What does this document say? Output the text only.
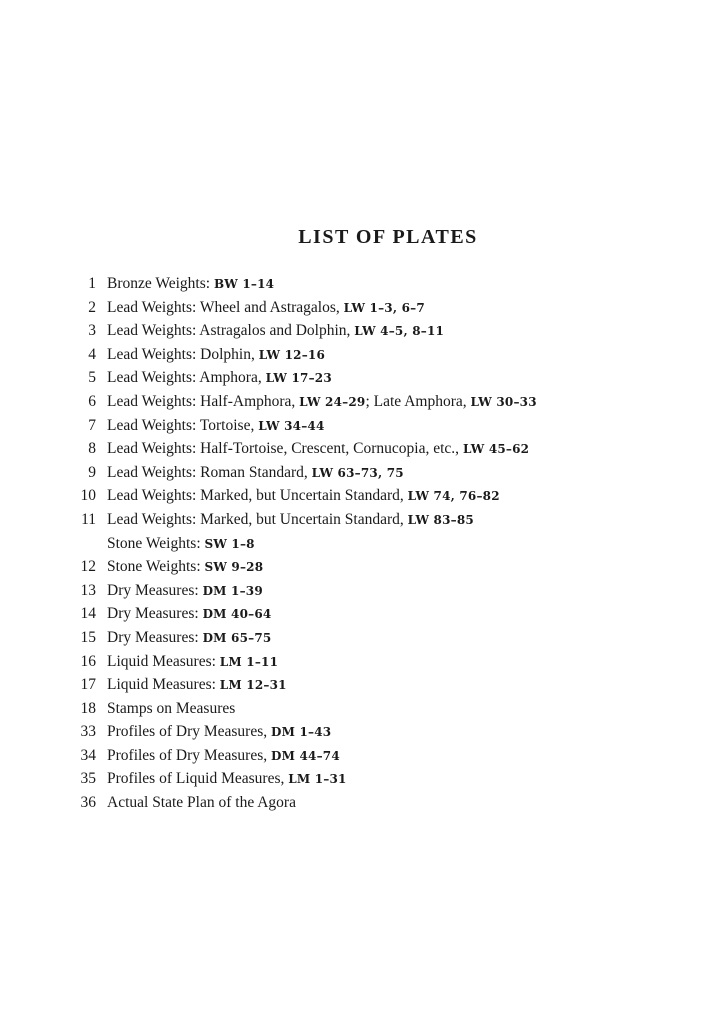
LIST OF PLATES
1 Bronze Weights: BW 1–14
2 Lead Weights: Wheel and Astragalos, LW 1–3, 6–7
3 Lead Weights: Astragalos and Dolphin, LW 4–5, 8–11
4 Lead Weights: Dolphin, LW 12–16
5 Lead Weights: Amphora, LW 17–23
6 Lead Weights: Half-Amphora, LW 24–29; Late Amphora, LW 30–33
7 Lead Weights: Tortoise, LW 34–44
8 Lead Weights: Half-Tortoise, Crescent, Cornucopia, etc., LW 45–62
9 Lead Weights: Roman Standard, LW 63–73, 75
10 Lead Weights: Marked, but Uncertain Standard, LW 74, 76–82
11 Lead Weights: Marked, but Uncertain Standard, LW 83–85
Stone Weights: SW 1–8
12 Stone Weights: SW 9–28
13 Dry Measures: DM 1–39
14 Dry Measures: DM 40–64
15 Dry Measures: DM 65–75
16 Liquid Measures: LM 1–11
17 Liquid Measures: LM 12–31
18 Stamps on Measures
33 Profiles of Dry Measures, DM 1–43
34 Profiles of Dry Measures, DM 44–74
35 Profiles of Liquid Measures, LM 1–31
36 Actual State Plan of the Agora
